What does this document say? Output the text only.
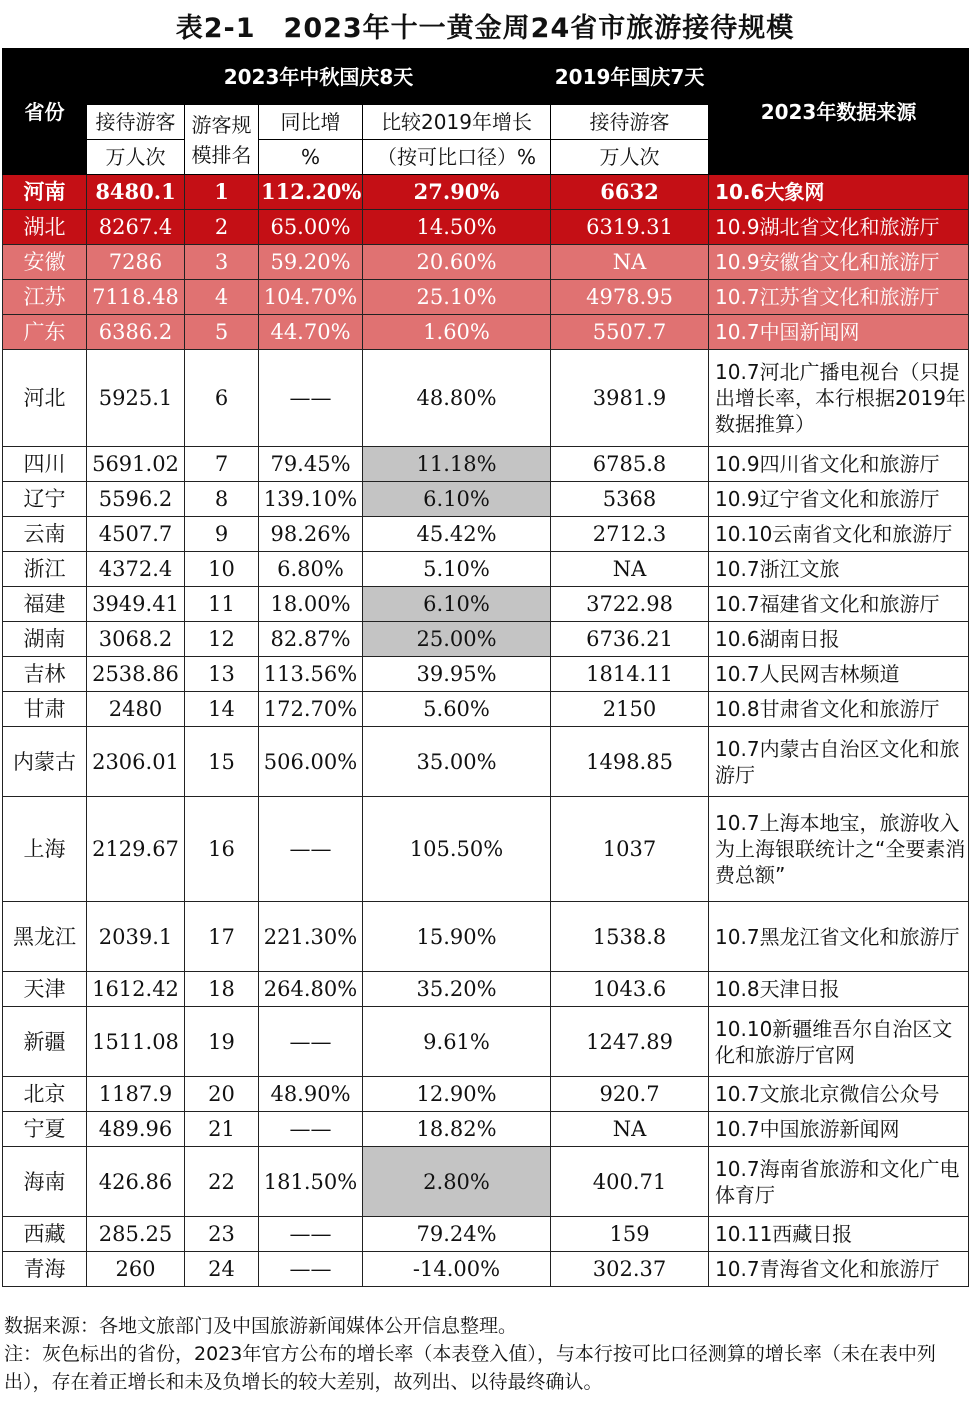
表2-1　2023年十一黄金周24省市旅游接待规模
省份	2023年中秋国庆8天				2019年国庆7天	2023年数据来源
	接待游客	游客规模排名	同比增	比较2019年增长	接待游客	
	万人次		%	（按可比口径）%	万人次	
河南	8480.1	1	112.20%	27.90%	6632	10.6大象网
湖北	8267.4	2	65.00%	14.50%	6319.31	10.9湖北省文化和旅游厅
安徽	7286	3	59.20%	20.60%	NA	10.9安徽省文化和旅游厅
江苏	7118.48	4	104.70%	25.10%	4978.95	10.7江苏省文化和旅游厅
广东	6386.2	5	44.70%	1.60%	5507.7	10.7中国新闻网
河北	5925.1	6	——	48.80%	3981.9	10.7河北广播电视台（只提出增长率，本行根据2019年数据推算）
四川	5691.02	7	79.45%	11.18%	6785.8	10.9四川省文化和旅游厅
辽宁	5596.2	8	139.10%	6.10%	5368	10.9辽宁省文化和旅游厅
云南	4507.7	9	98.26%	45.42%	2712.3	10.10云南省文化和旅游厅
浙江	4372.4	10	6.80%	5.10%	NA	10.7浙江文旅
福建	3949.41	11	18.00%	6.10%	3722.98	10.7福建省文化和旅游厅
湖南	3068.2	12	82.87%	25.00%	6736.21	10.6湖南日报
吉林	2538.86	13	113.56%	39.95%	1814.11	10.7人民网吉林频道
甘肃	2480	14	172.70%	5.60%	2150	10.8甘肃省文化和旅游厅
内蒙古	2306.01	15	506.00%	35.00%	1498.85	10.7内蒙古自治区文化和旅游厅
上海	2129.67	16	——	105.50%	1037	10.7上海本地宝，旅游收入为上海银联统计之“全要素消费总额”
黑龙江	2039.1	17	221.30%	15.90%	1538.8	10.7黑龙江省文化和旅游厅
天津	1612.42	18	264.80%	35.20%	1043.6	10.8天津日报
新疆	1511.08	19	——	9.61%	1247.89	10.10新疆维吾尔自治区文化和旅游厅官网
北京	1187.9	20	48.90%	12.90%	920.7	10.7文旅北京微信公众号
宁夏	489.96	21	——	18.82%	NA	10.7中国旅游新闻网
海南	426.86	22	181.50%	2.80%	400.71	10.7海南省旅游和文化广电体育厅
西藏	285.25	23	——	79.24%	159	10.11西藏日报
青海	260	24	——	-14.00%	302.37	10.7青海省文化和旅游厅
数据来源：各地文旅部门及中国旅游新闻媒体公开信息整理。
注：灰色标出的省份，2023年官方公布的增长率（本表登入值），与本行按可比口径测算的增长率（未在表中列出），存在着正增长和未及负增长的较大差别，故列出、以待最终确认。
